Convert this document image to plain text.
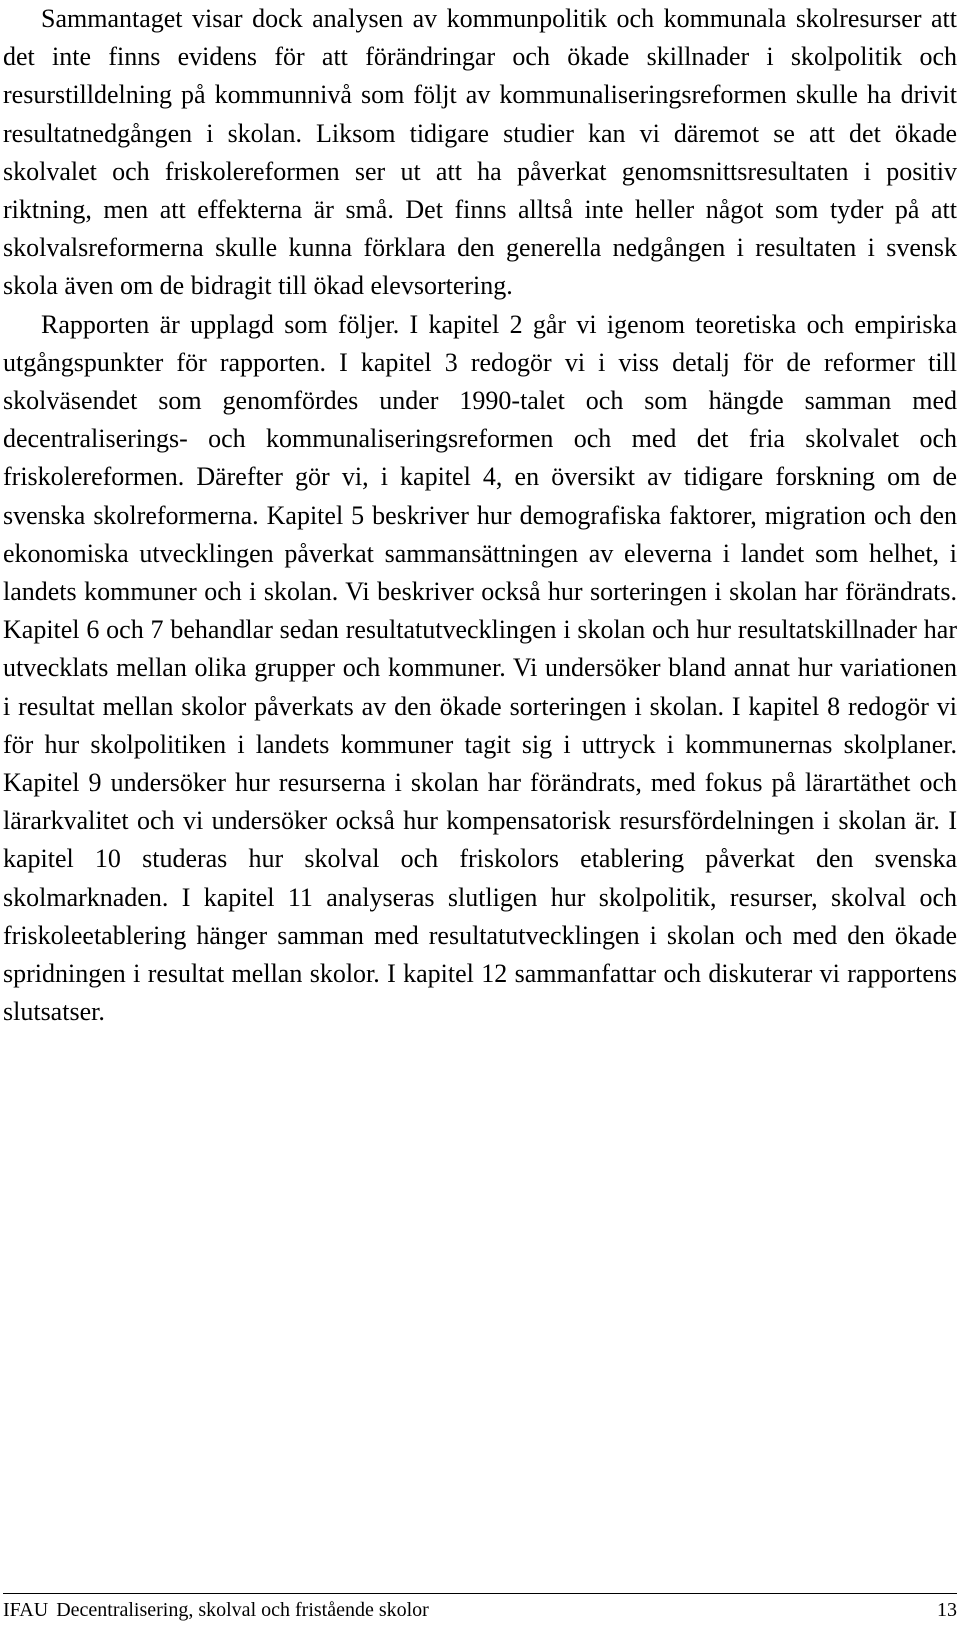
Sammantaget visar dock analysen av kommunpolitik och kommunala skolresurser att det inte finns evidens för att förändringar och ökade skillnader i skolpolitik och resurstilldelning på kommunnivå som följt av kommunaliseringsreformen skulle ha drivit resultatnedgången i skolan. Liksom tidigare studier kan vi däremot se att det ökade skolvalet och friskolereformen ser ut att ha påverkat genomsnittsresultaten i positiv riktning, men att effekterna är små. Det finns alltså inte heller något som tyder på att skolvalsreformerna skulle kunna förklara den generella nedgången i resultaten i svensk skola även om de bidragit till ökad elevsortering.

Rapporten är upplagd som följer. I kapitel 2 går vi igenom teoretiska och empiriska utgångspunkter för rapporten. I kapitel 3 redogör vi i viss detalj för de reformer till skolväsendet som genomfördes under 1990-talet och som hängde samman med decentraliserings- och kommunaliseringsreformen och med det fria skolvalet och friskolereformen. Därefter gör vi, i kapitel 4, en översikt av tidigare forskning om de svenska skolreformerna. Kapitel 5 beskriver hur demografiska faktorer, migration och den ekonomiska utvecklingen påverkat sammansättningen av eleverna i landet som helhet, i landets kommuner och i skolan. Vi beskriver också hur sorteringen i skolan har förändrats. Kapitel 6 och 7 behandlar sedan resultatutvecklingen i skolan och hur resultatskillnader har utvecklats mellan olika grupper och kommuner. Vi undersöker bland annat hur variationen i resultat mellan skolor påverkats av den ökade sorteringen i skolan. I kapitel 8 redogör vi för hur skolpolitiken i landets kommuner tagit sig i uttryck i kommunernas skolplaner. Kapitel 9 undersöker hur resurserna i skolan har förändrats, med fokus på lärartäthet och lärarkvalitet och vi undersöker också hur kompensatorisk resursfördelningen i skolan är. I kapitel 10 studeras hur skolval och friskolors etablering påverkat den svenska skolmarknaden. I kapitel 11 analyseras slutligen hur skolpolitik, resurser, skolval och friskoleetablering hänger samman med resultatutvecklingen i skolan och med den ökade spridningen i resultat mellan skolor. I kapitel 12 sammanfattar och diskuterar vi rapportens slutsatser.

IFAU Decentralisering, skolval och fristående skolor	13
